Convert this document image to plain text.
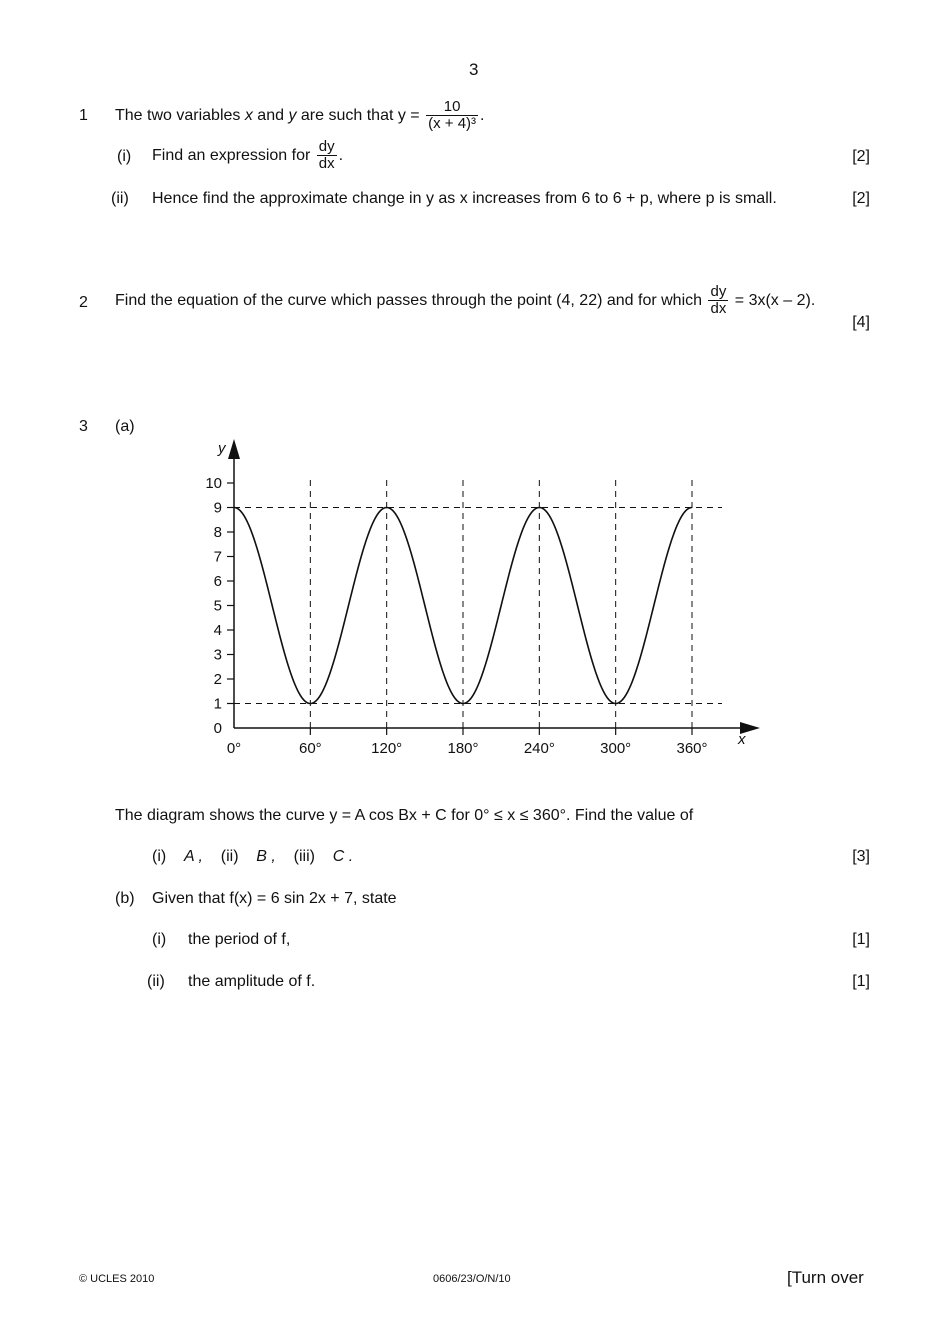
3
1 The two variables x and y are such that $y = \frac{10}{\text{(x + 4)³}}$ .
(i) Find an expression for $\frac{dy}{dx}$ .	[2]
(ii) Hence find the approximate change in y as x increases from 6 to 6 + p, where p is small.	[2]
2 Find the equation of the curve which passes through the point (4, 22) and for which $\frac{dy}{dx} = 3x(x - 2)$.
[4]
3 (a)
0
1
2
3
4
5
6
7
8
9
10
0°	60°	120°	180°	240°	300°	360°
x
y
The diagram shows the curve y = A cos Bx + C for 0° ≤ x ≤ 360°. Find the value of
(i) A , (ii) B , (iii) C .	[3]
(b) Given that f(x) = 6 sin 2x + 7, state
(i) the period of f,	[1]
(ii) the amplitude of f.	[1]
© UCLES 2010	0606/23/O/N/10	[Turn over
